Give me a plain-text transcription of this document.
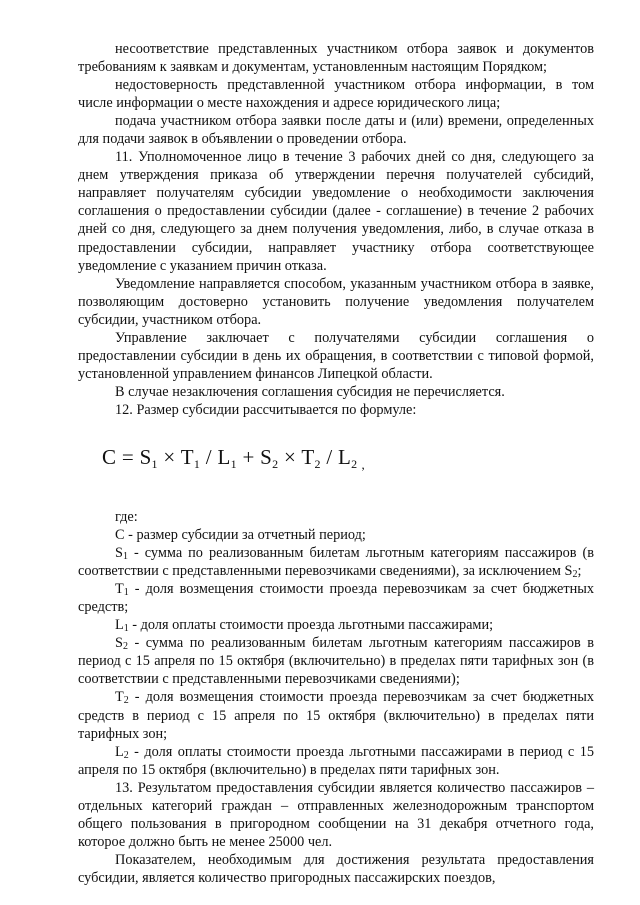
несоответствие представленных участником отбора заявок и документов требованиям к заявкам и документам, установленным настоящим Порядком;

недостоверность представленной участником отбора информации, в том числе информации о месте нахождения и адресе юридического лица;

подача участником отбора заявки после даты и (или) времени, определенных для подачи заявок в объявлении о проведении отбора.

11. Уполномоченное лицо в течение 3 рабочих дней со дня, следующего за днем утверждения приказа об утверждении перечня получателей субсидий, направляет получателям субсидии уведомление о необходимости заключения соглашения о предоставлении субсидии (далее - соглашение) в течение 2 рабочих дней со дня, следующего за днем получения уведомления, либо, в случае отказа в предоставлении субсидии, направляет участнику отбора соответствующее уведомление с указанием причин отказа.

Уведомление направляется способом, указанным участником отбора в заявке, позволяющим достоверно установить получение уведомления получателем субсидии, участником отбора.

Управление заключает с получателями субсидии соглашения о предоставлении субсидии в день их обращения, в соответствии с типовой формой, установленной управлением финансов Липецкой области.

В случае незаключения соглашения субсидия не перечисляется.

12. Размер субсидии рассчитывается по формуле:

$C = S_1 \times T_1 / L_1 + S_2 \times T_2 / L_2$ $_,$

где:

С - размер субсидии за отчетный период;

$S_1$ - сумма по реализованным билетам льготным категориям пассажиров (в соответствии с представленными перевозчиками сведениями), за исключением $S_2$;

$Т_1$ - доля возмещения стоимости проезда перевозчикам за счет бюджетных средств;

$L_1$ - доля оплаты стоимости проезда льготными пассажирами;

$S_2$ - сумма по реализованным билетам льготным категориям пассажиров в период с 15 апреля по 15 октября (включительно) в пределах пяти тарифных зон (в соответствии с представленными перевозчиками сведениями);

$Т_2$ - доля возмещения стоимости проезда перевозчикам за счет бюджетных средств в период с 15 апреля по 15 октября (включительно) в пределах пяти тарифных зон;

$L_2$ - доля оплаты стоимости проезда льготными пассажирами в период с 15 апреля по 15 октября (включительно) в пределах пяти тарифных зон.

13. Результатом предоставления субсидии является количество пассажиров – отдельных категорий граждан – отправленных железнодорожным транспортом общего пользования в пригородном сообщении на 31 декабря отчетного года, которое должно быть не менее 25000 чел.

Показателем, необходимым для достижения результата предоставления субсидии, является количество пригородных пассажирских поездов,
